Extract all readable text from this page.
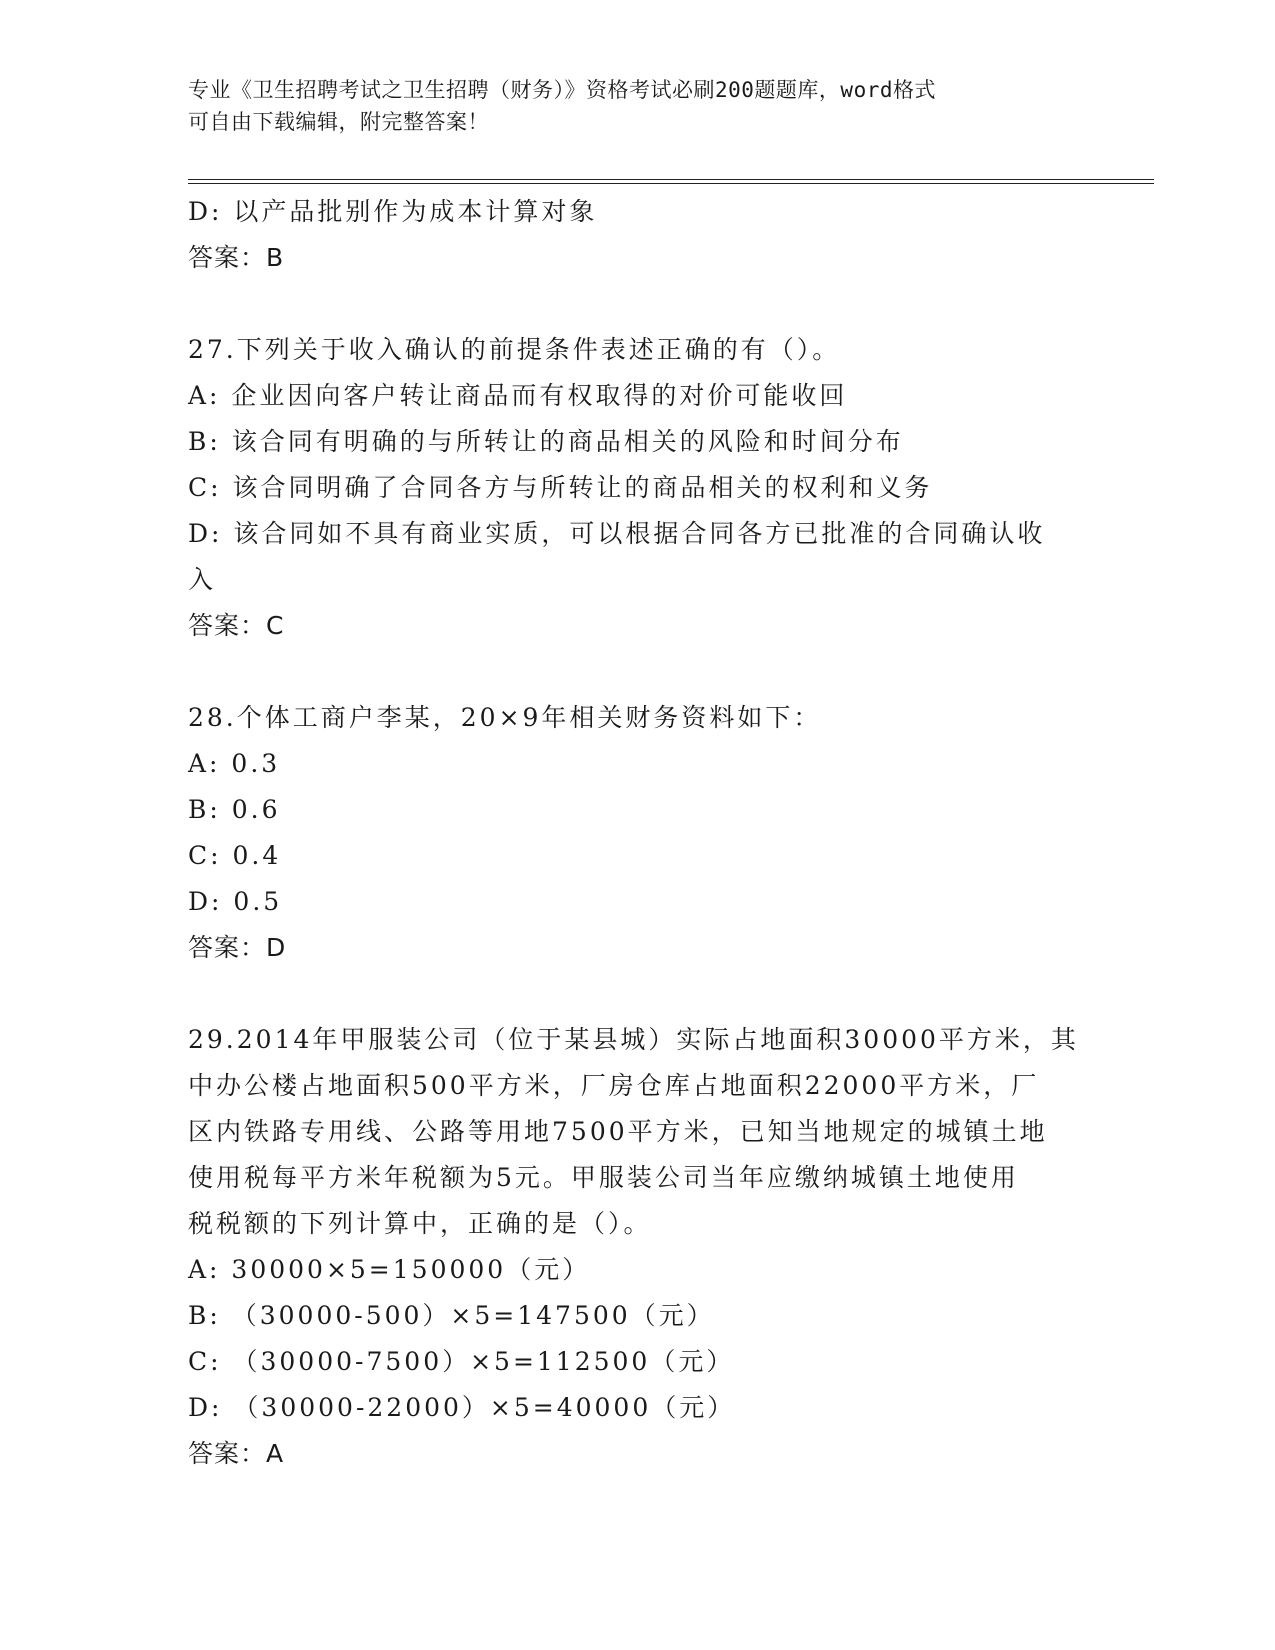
专业《卫生招聘考试之卫生招聘（财务）》资格考试必刷200题题库，word格式
可自由下载编辑，附完整答案！
D: 以产品批别作为成本计算对象
答案：B
27.下列关于收入确认的前提条件表述正确的有（）。
A: 企业因向客户转让商品而有权取得的对价可能收回
B: 该合同有明确的与所转让的商品相关的风险和时间分布
C: 该合同明确了合同各方与所转让的商品相关的权利和义务
D: 该合同如不具有商业实质，可以根据合同各方已批准的合同确认收
入
答案：C
28.个体工商户李某，20×9年相关财务资料如下：
A: 0.3
B: 0.6
C: 0.4
D: 0.5
答案：D
29.2014年甲服装公司（位于某县城）实际占地面积30000平方米，其
中办公楼占地面积500平方米，厂房仓库占地面积22000平方米，厂
区内铁路专用线、公路等用地7500平方米，已知当地规定的城镇土地
使用税每平方米年税额为5元。甲服装公司当年应缴纳城镇土地使用
税税额的下列计算中，正确的是（）。
A: 30000×5=150000（元）
B: （30000-500）×5=147500（元）
C: （30000-7500）×5=112500（元）
D: （30000-22000）×5=40000（元）
答案：A
